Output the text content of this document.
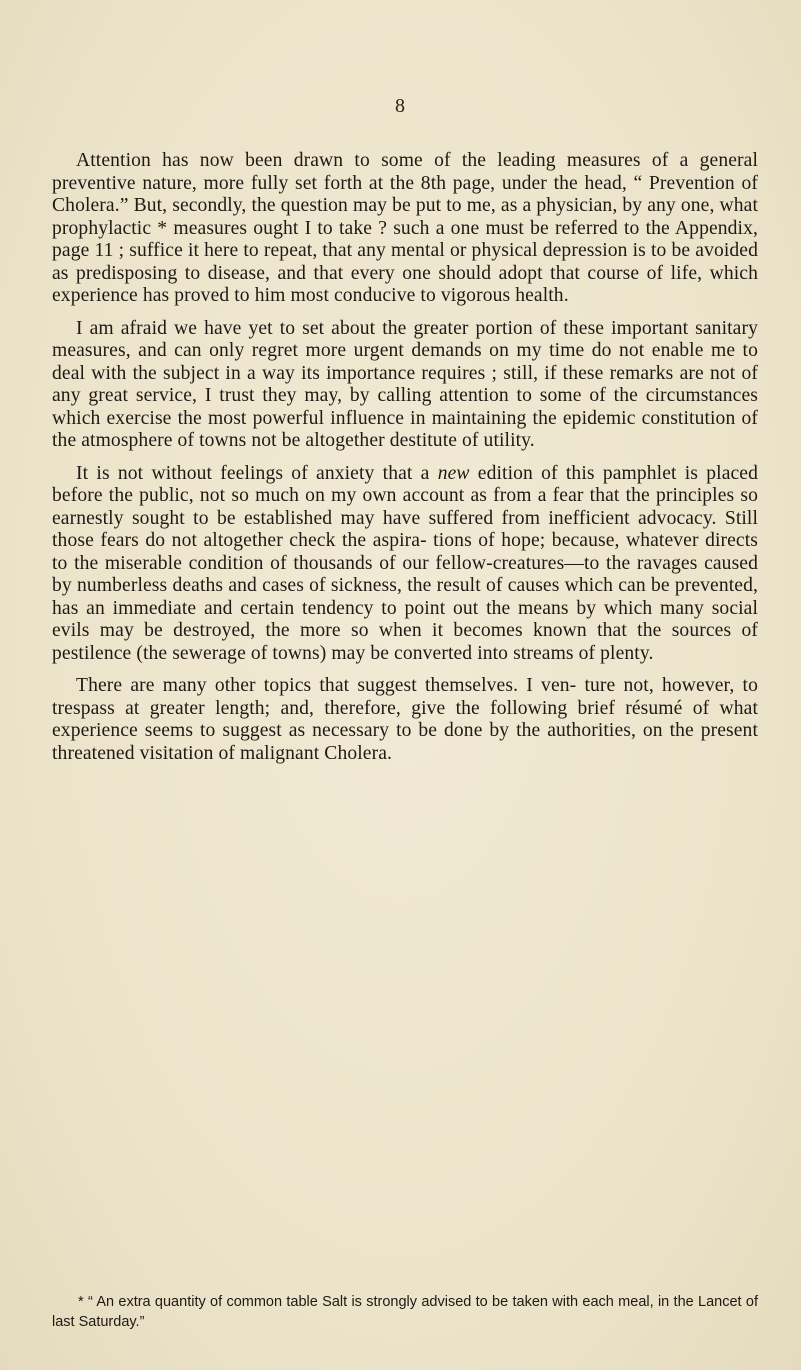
8

Attention has now been drawn to some of the leading measures of a general preventive nature, more fully set forth at the 8th page, under the head, “ Prevention of Cholera.” But, secondly, the question may be put to me, as a physician, by any one, what prophylactic * measures ought I to take ? such a one must be referred to the Appendix, page 11 ; suffice it here to repeat, that any mental or physical depression is to be avoided as predisposing to disease, and that every one should adopt that course of life, which experience has proved to him most conducive to vigorous health.

I am afraid we have yet to set about the greater portion of these important sanitary measures, and can only regret more urgent demands on my time do not enable me to deal with the subject in a way its importance requires ; still, if these remarks are not of any great service, I trust they may, by calling attention to some of the circumstances which exercise the most powerful influence in maintaining the epidemic constitution of the atmosphere of towns not be altogether destitute of utility.

It is not without feelings of anxiety that a new edition of this pamphlet is placed before the public, not so much on my own account as from a fear that the principles so earnestly sought to be established may have suffered from inefficient advocacy. Still those fears do not altogether check the aspira- tions of hope; because, whatever directs to the miserable condition of thousands of our fellow-creatures—to the ravages caused by numberless deaths and cases of sickness, the result of causes which can be prevented, has an immediate and certain tendency to point out the means by which many social evils may be destroyed, the more so when it becomes known that the sources of pestilence (the sewerage of towns) may be converted into streams of plenty.

There are many other topics that suggest themselves. I ven- ture not, however, to trespass at greater length; and, therefore, give the following brief résumé of what experience seems to suggest as necessary to be done by the authorities, on the present threatened visitation of malignant Cholera.

* “ An extra quantity of common table Salt is strongly advised to be taken with each meal, in the Lancet of last Saturday.”
